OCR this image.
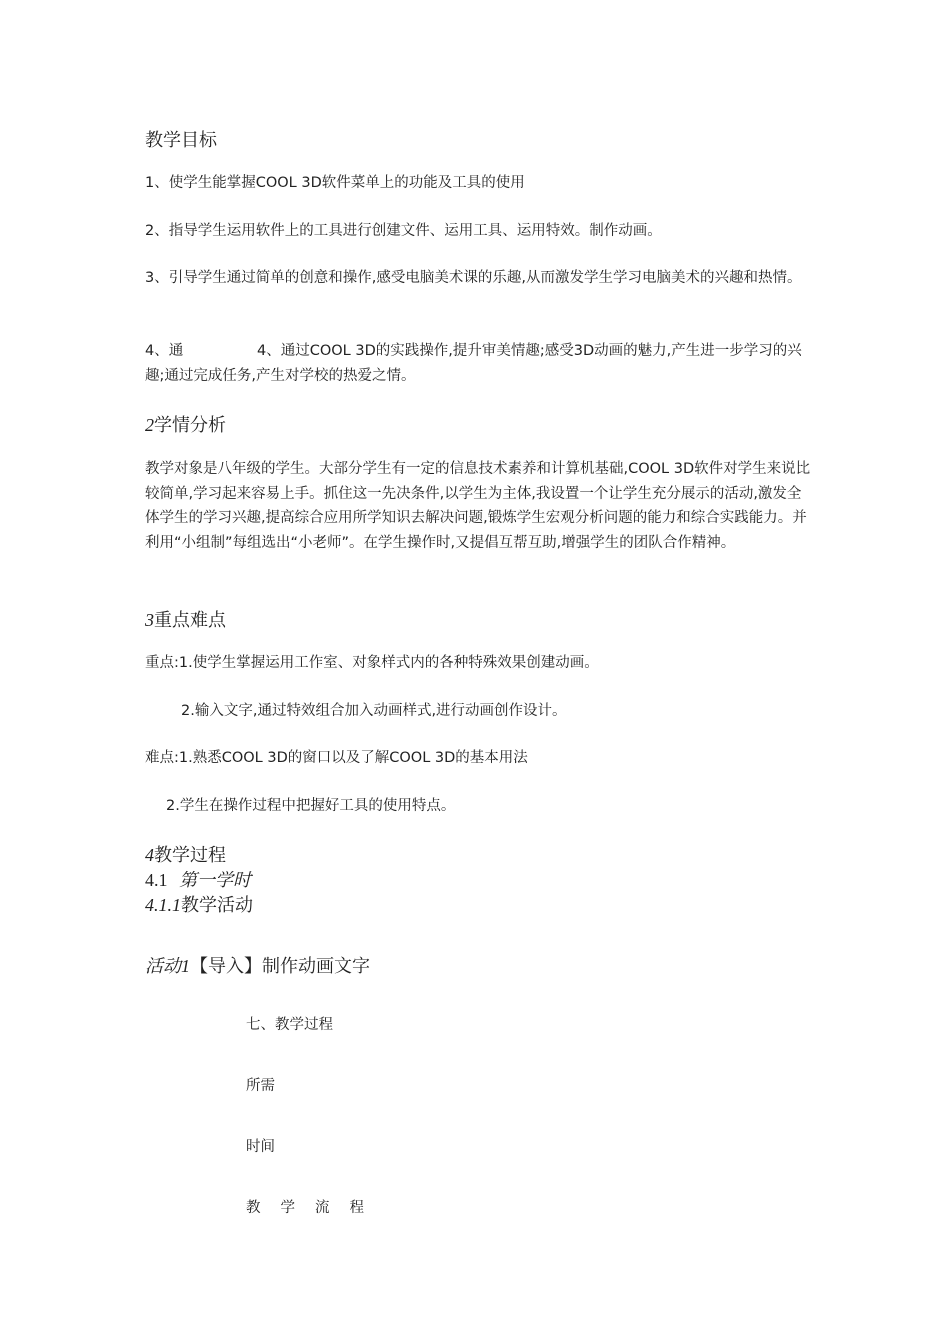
教学目标

1、使学生能掌握COOL 3D软件菜单上的功能及工具的使用

2、指导学生运用软件上的工具进行创建文件、运用工具、运用特效。制作动画。

3、引导学生通过简单的创意和操作,感受电脑美术课的乐趣,从而激发学生学习电脑美术的兴趣和热情。

4、通	4、通过COOL 3D的实践操作,提升审美情趣;感受3D动画的魅力,产生进一步学习的兴趣;通过完成任务,产生对学校的热爱之情。

2学情分析

教学对象是八年级的学生。大部分学生有一定的信息技术素养和计算机基础,COOL 3D软件对学生来说比较简单,学习起来容易上手。抓住这一先决条件,以学生为主体,我设置一个让学生充分展示的活动,激发全体学生的学习兴趣,提高综合应用所学知识去解决问题,锻炼学生宏观分析问题的能力和综合实践能力。并利用“小组制”每组选出“小老师”。在学生操作时,又提倡互帮互助,增强学生的团队合作精神。

3重点难点

重点:1.使学生掌握运用工作室、对象样式内的各种特殊效果创建动画。

2.输入文字,通过特效组合加入动画样式,进行动画创作设计。

难点:1.熟悉COOL 3D的窗口以及了解COOL 3D的基本用法

2.学生在操作过程中把握好工具的使用特点。

4教学过程
4.1 第一学时
4.1.1教学活动
活动1【导入】制作动画文字

七、教学过程

所需

时间

教 学 流 程
